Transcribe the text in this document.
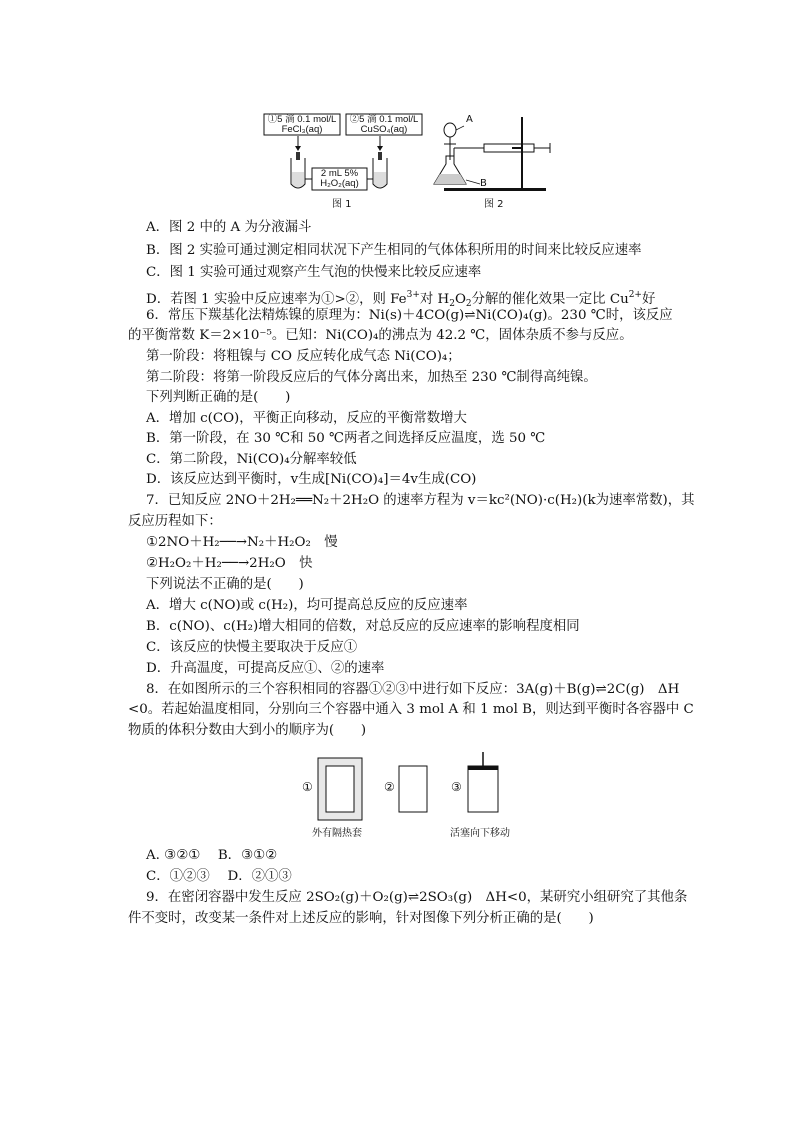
①5 滴 0.1 mol/L
FeCl₃(aq)
②5 滴 0.1 mol/L
CuSO₄(aq)
2 mL 5%
H₂O₂(aq)
图 1
A
B
图 2
A．图 2 中的 A 为分液漏斗
B．图 2 实验可通过测定相同状况下产生相同的气体体积所用的时间来比较反应速率
C．图 1 实验可通过观察产生气泡的快慢来比较反应速率
D．若图 1 实验中反应速率为①>②，则 $Fe^{3+}$对 $H_2O_2$分解的催化效果一定比 $Cu^{2+}$好
6．常压下羰基化法精炼镍的原理为：Ni(s)＋4CO(g)⇌Ni(CO)₄(g)。230 ℃时，该反应
的平衡常数 K＝2×10⁻⁵。已知：Ni(CO)₄的沸点为 42.2 ℃，固体杂质不参与反应。
第一阶段：将粗镍与 CO 反应转化成气态 Ni(CO)₄；
第二阶段：将第一阶段反应后的气体分离出来，加热至 230 ℃制得高纯镍。
下列判断正确的是(　　)
A．增加 c(CO)，平衡正向移动，反应的平衡常数增大
B．第一阶段，在 30 ℃和 50 ℃两者之间选择反应温度，选 50 ℃
C．第二阶段，Ni(CO)₄分解率较低
D．该反应达到平衡时，v生成[Ni(CO)₄]＝4v生成(CO)
7．已知反应 2NO＋2H₂══N₂＋2H₂O 的速率方程为 v＝kc²(NO)·c(H₂)(k为速率常数)，其
反应历程如下：
①2NO＋H₂──→N₂＋H₂O₂　慢
②H₂O₂＋H₂──→2H₂O　快
下列说法不正确的是(　　)
A．增大 c(NO)或 c(H₂)，均可提高总反应的反应速率
B．c(NO)、c(H₂)增大相同的倍数，对总反应的反应速率的影响程度相同
C．该反应的快慢主要取决于反应①
D．升高温度，可提高反应①、②的速率
8．在如图所示的三个容积相同的容器①②③中进行如下反应：3A(g)＋B(g)⇌2C(g)　ΔH
<0。若起始温度相同，分别向三个容器中通入 3 mol A 和 1 mol B，则达到平衡时各容器中 C
物质的体积分数由大到小的顺序为(　　)
①	②	③
外有隔热套	活塞向下移动
A. ③②①　 B．③①②
C．①②③　 D．②①③
9．在密闭容器中发生反应 2SO₂(g)＋O₂(g)⇌2SO₃(g)　ΔH<0，某研究小组研究了其他条
件不变时，改变某一条件对上述反应的影响，针对图像下列分析正确的是(　　)
